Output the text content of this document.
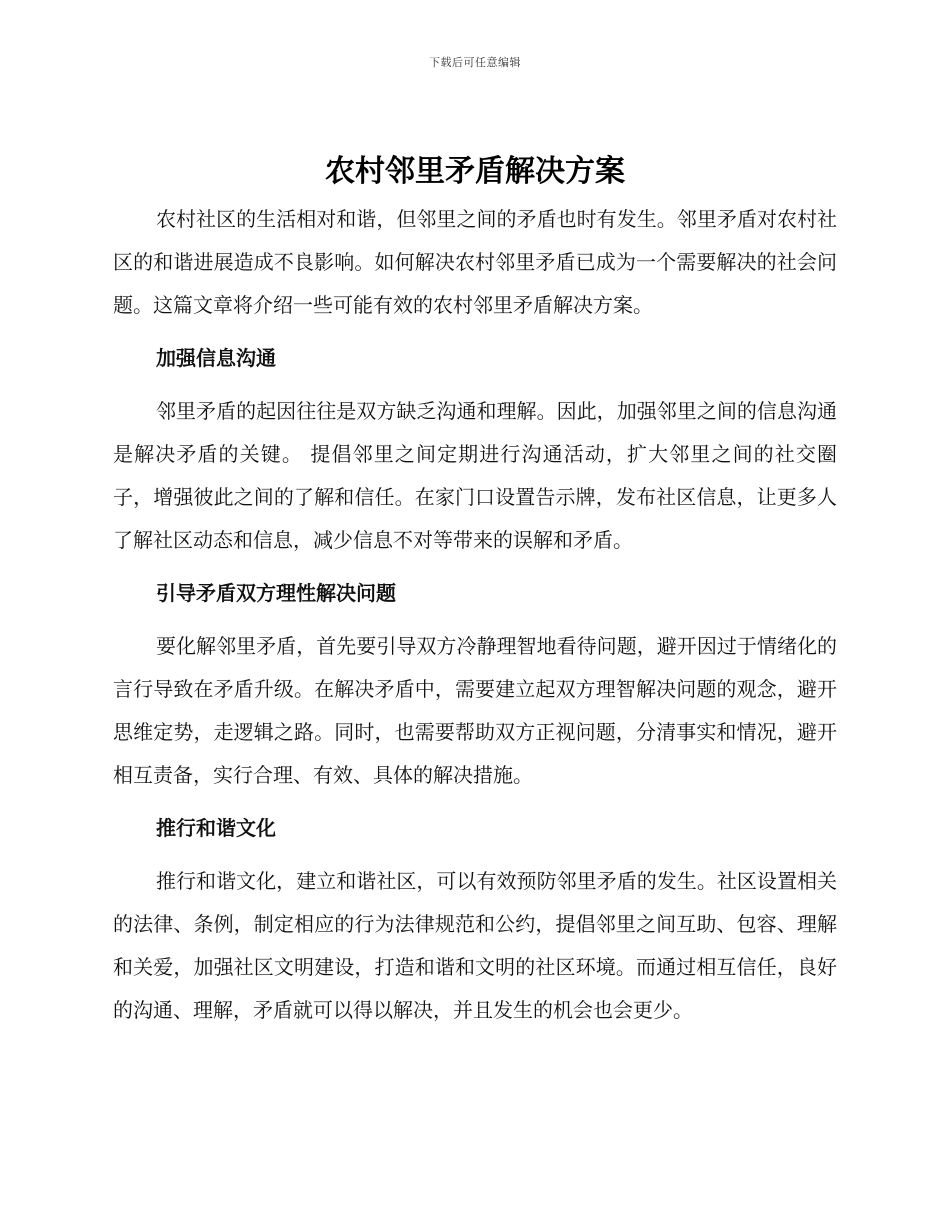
下载后可任意编辑
农村邻里矛盾解决方案

农村社区的生活相对和谐，但邻里之间的矛盾也时有发生。邻里矛盾对农村社区的和谐进展造成不良影响。如何解决农村邻里矛盾已成为一个需要解决的社会问题。这篇文章将介绍一些可能有效的农村邻里矛盾解决方案。

加强信息沟通

邻里矛盾的起因往往是双方缺乏沟通和理解。因此，加强邻里之间的信息沟通是解决矛盾的关键。 提倡邻里之间定期进行沟通活动，扩大邻里之间的社交圈子，增强彼此之间的了解和信任。在家门口设置告示牌，发布社区信息，让更多人了解社区动态和信息，减少信息不对等带来的误解和矛盾。

引导矛盾双方理性解决问题

要化解邻里矛盾，首先要引导双方冷静理智地看待问题，避开因过于情绪化的言行导致在矛盾升级。在解决矛盾中，需要建立起双方理智解决问题的观念，避开思维定势，走逻辑之路。同时，也需要帮助双方正视问题，分清事实和情况，避开相互责备，实行合理、有效、具体的解决措施。

推行和谐文化

推行和谐文化，建立和谐社区，可以有效预防邻里矛盾的发生。社区设置相关的法律、条例，制定相应的行为法律规范和公约，提倡邻里之间互助、包容、理解和关爱，加强社区文明建设，打造和谐和文明的社区环境。而通过相互信任，良好的沟通、理解，矛盾就可以得以解决，并且发生的机会也会更少。
